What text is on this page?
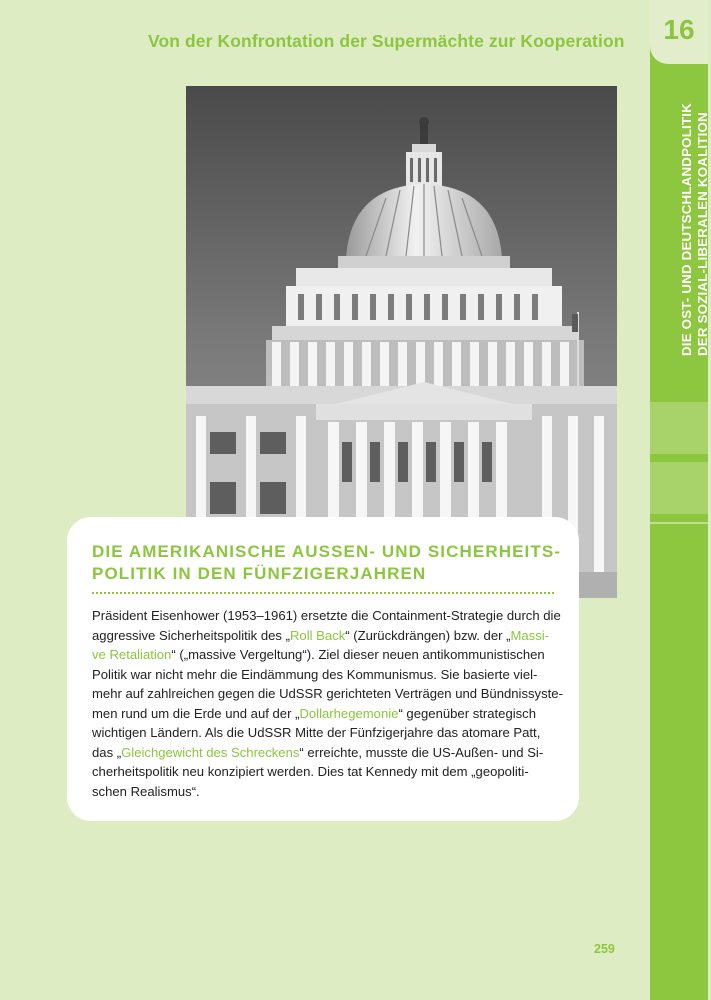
Von der Konfrontation der Supermächte zur Kooperation	16
DIE OST- UND DEUTSCHLANDPOLITIK DER SOZIAL-LIBERALEN KOALITION
DIE AMERIKANISCHE AUSSEN- UND SICHERHEITS-
POLITIK IN DEN FÜNFZIGERJAHREN
Präsident Eisenhower (1953–1961) ersetzte die Containment-Strategie durch die
aggressive Sicherheitspolitik des „Roll Back“ (Zurückdrängen) bzw. der „Massi-
ve Retaliation“ („massive Vergeltung“). Ziel dieser neuen antikommunistischen
Politik war nicht mehr die Eindämmung des Kommunismus. Sie basierte viel-
mehr auf zahlreichen gegen die UdSSR gerichteten Verträgen und Bündnissyste-
men rund um die Erde und auf der „Dollarhegemonie“ gegenüber strategisch
wichtigen Ländern. Als die UdSSR Mitte der Fünfzigerjahre das atomare Patt,
das „Gleichgewicht des Schreckens“ erreichte, musste die US-Außen- und Si-
cherheitspolitik neu konzipiert werden. Dies tat Kennedy mit dem „geopoliti-
schen Realismus“.
259
